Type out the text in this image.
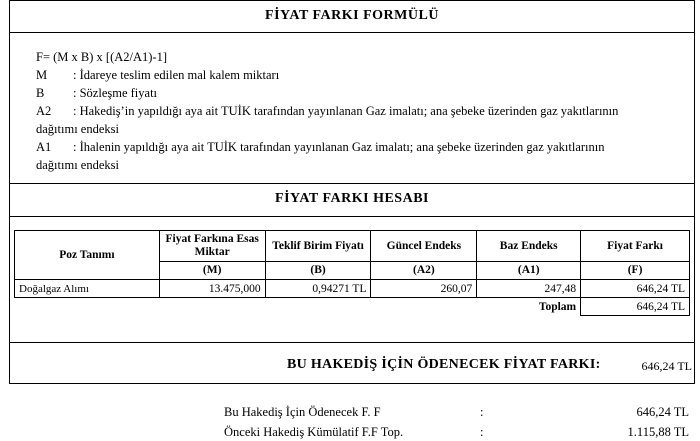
FİYAT FARKI FORMÜLÜ
F= (M x B) x [(A2/A1)-1]
M	: İdareye teslim edilen mal kalem miktarı
B	: Sözleşme fiyatı
A2	: Hakedişʼin yapıldığı aya ait TUİK tarafından yayınlanan Gaz imalatı; ana şebeke üzerinden gaz yakıtlarının
dağıtımı endeksi
A1	: İhalenin yapıldığı aya ait TUİK tarafından yayınlanan Gaz imalatı; ana şebeke üzerinden gaz yakıtlarının
dağıtımı endeksi
FİYAT FARKI HESABI
Poz Tanımı	Fiyat Farkına Esas Miktar	Teklif Birim Fiyatı	Güncel Endeks	Baz Endeks	Fiyat Farkı
	(M)	(B)	(A2)	(A1)	(F)
Doğalgaz Alımı	13.475,000	0,94271 TL	260,07	247,48	646,24 TL
				Toplam	646,24 TL
BU HAKEDİŞ İÇİN ÖDENECEK FİYAT FARKI:	646,24 TL
Bu Hakediş İçin Ödenecek F. F	:	646,24 TL
Önceki Hakediş Kümülatif F.F Top.	:	1.115,88 TL
